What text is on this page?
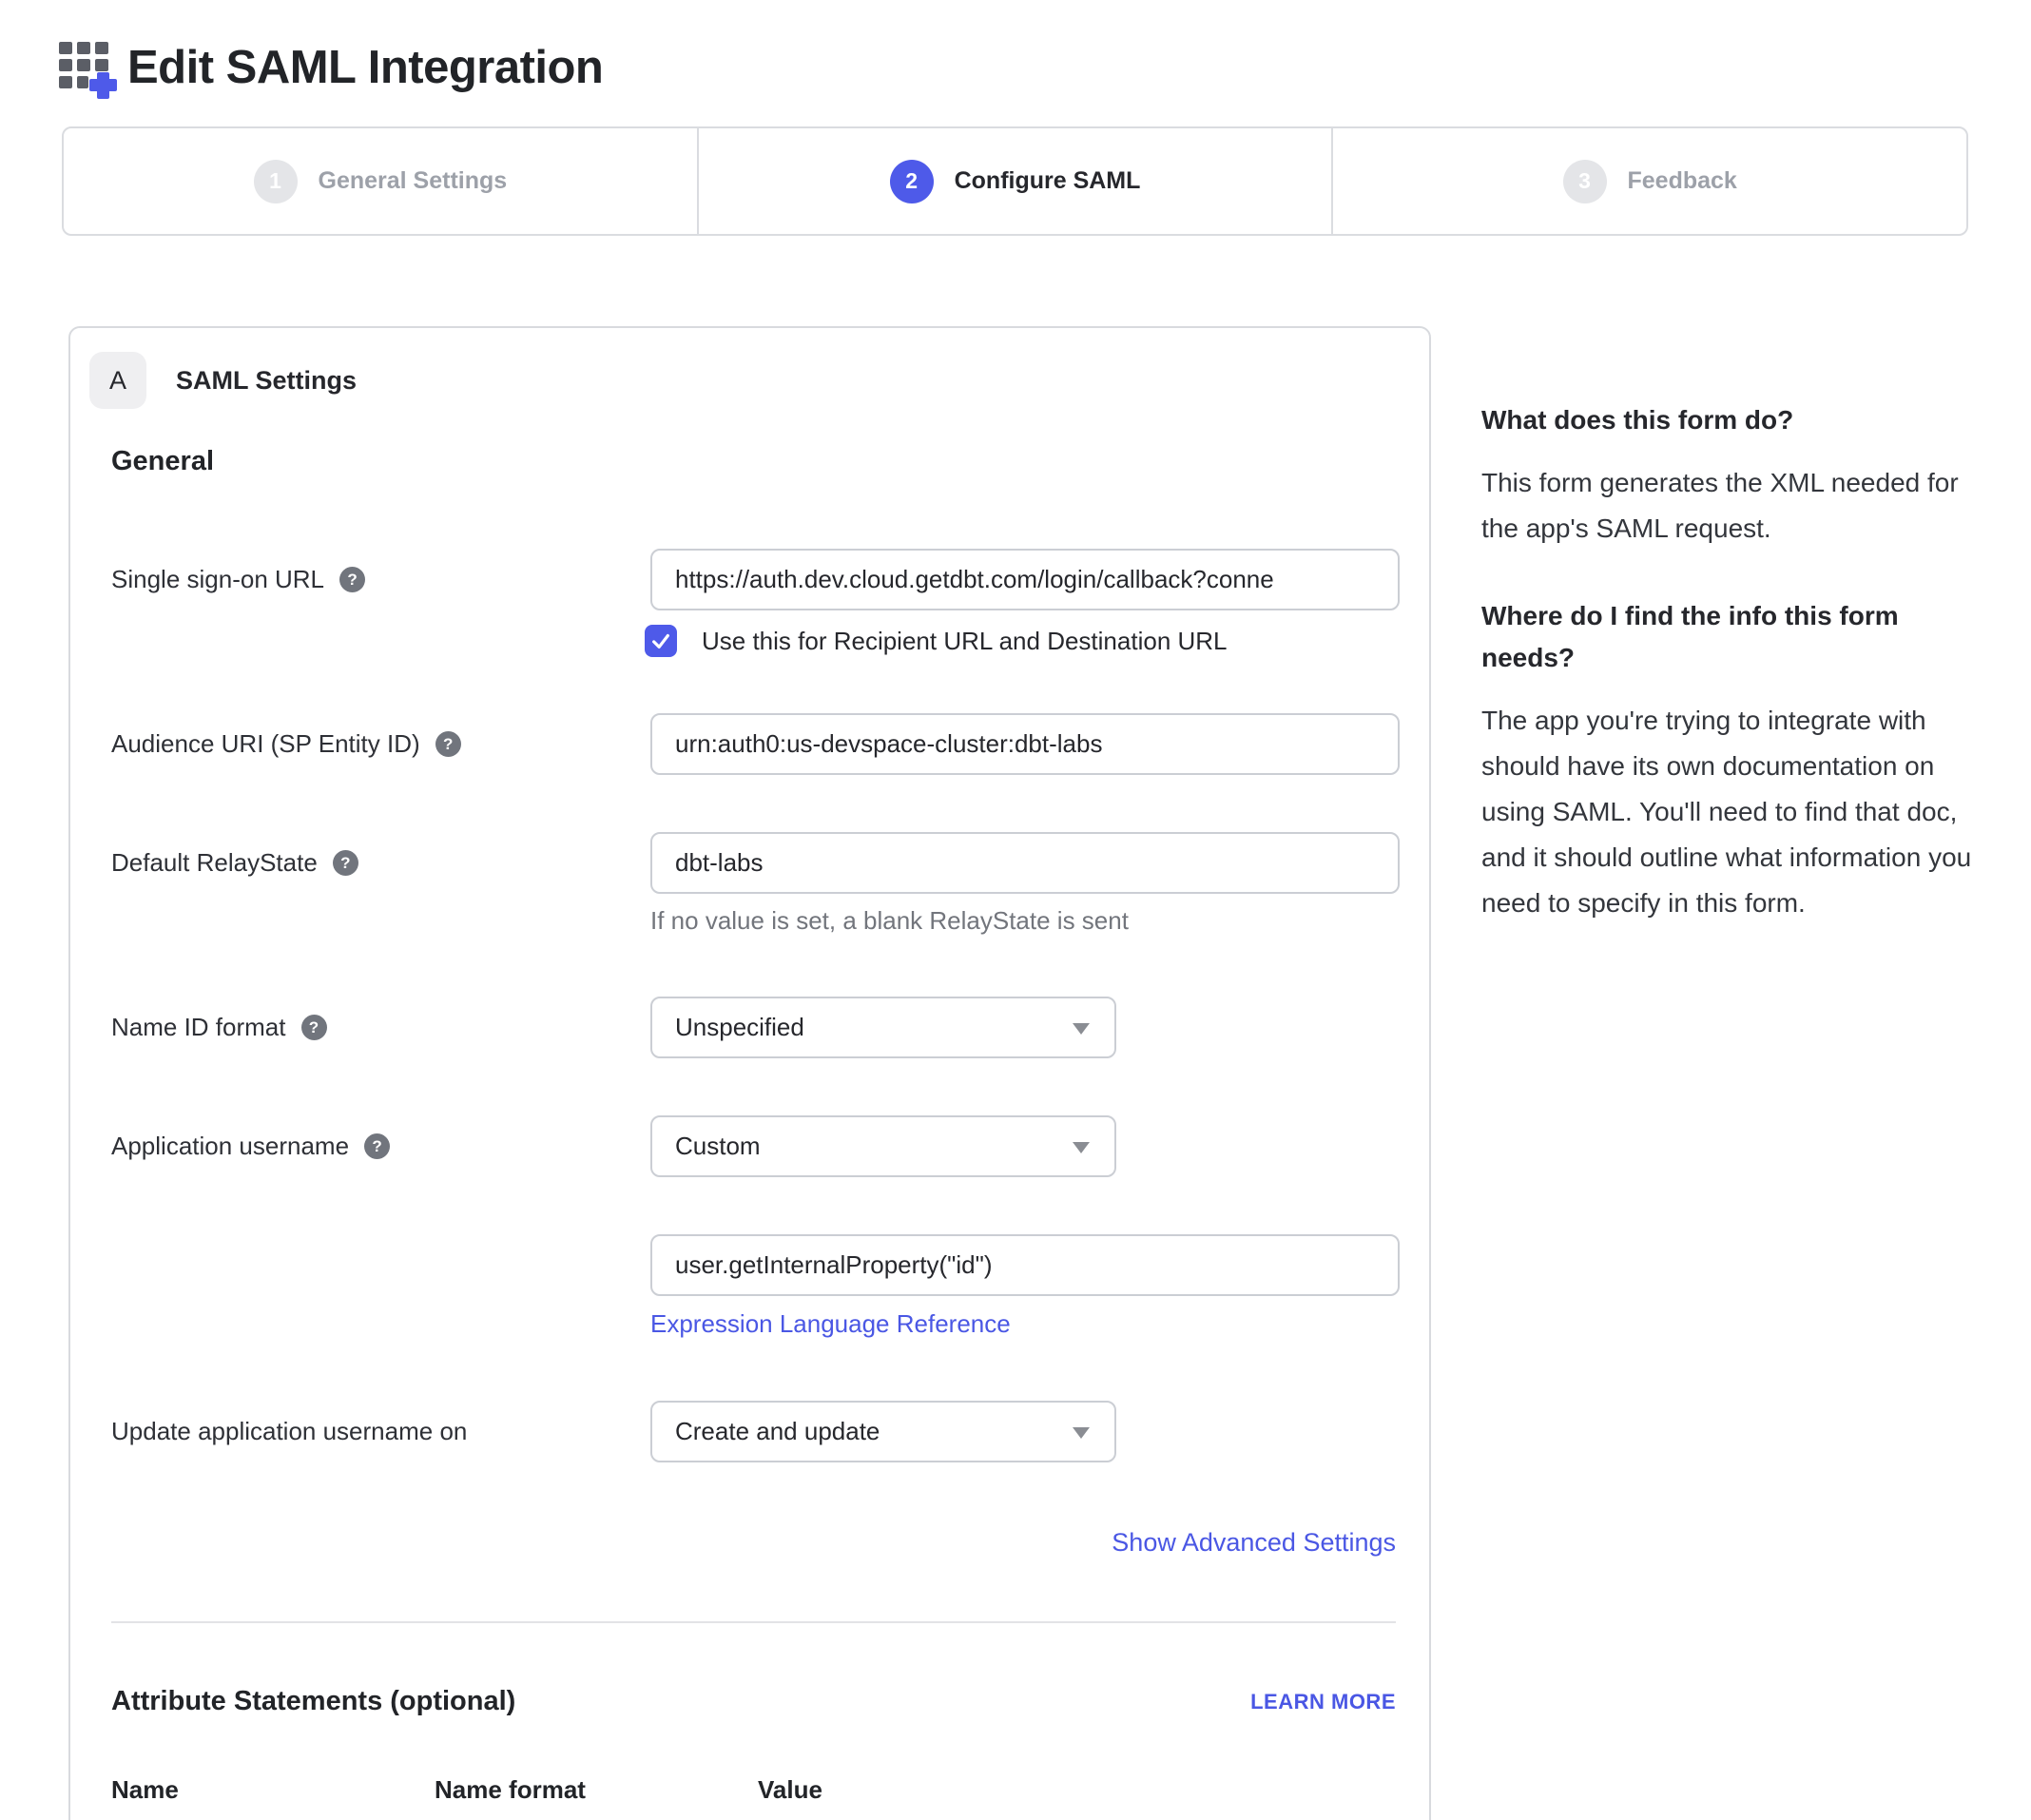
Edit SAML Integration
1	General Settings	2	Configure SAML	3	Feedback
A	SAML Settings
General
Single sign-on URL	?
https://auth.dev.cloud.getdbt.com/login/callback?conne
Use this for Recipient URL and Destination URL
Audience URI (SP Entity ID)	?
urn:auth0:us-devspace-cluster:dbt-labs
Default RelayState	?
dbt-labs
If no value is set, a blank RelayState is sent
Name ID format	?	Unspecified
Application username	?	Custom
user.getInternalProperty("id")
Expression Language Reference
Update application username on	Create and update
Show Advanced Settings
Attribute Statements (optional)	LEARN MORE
Name	Name format	Value
What does this form do?

This form generates the XML needed for the app's SAML request.

Where do I find the info this form needs?

The app you're trying to integrate with should have its own documentation on using SAML. You'll need to find that doc, and it should outline what information you need to specify in this form.
